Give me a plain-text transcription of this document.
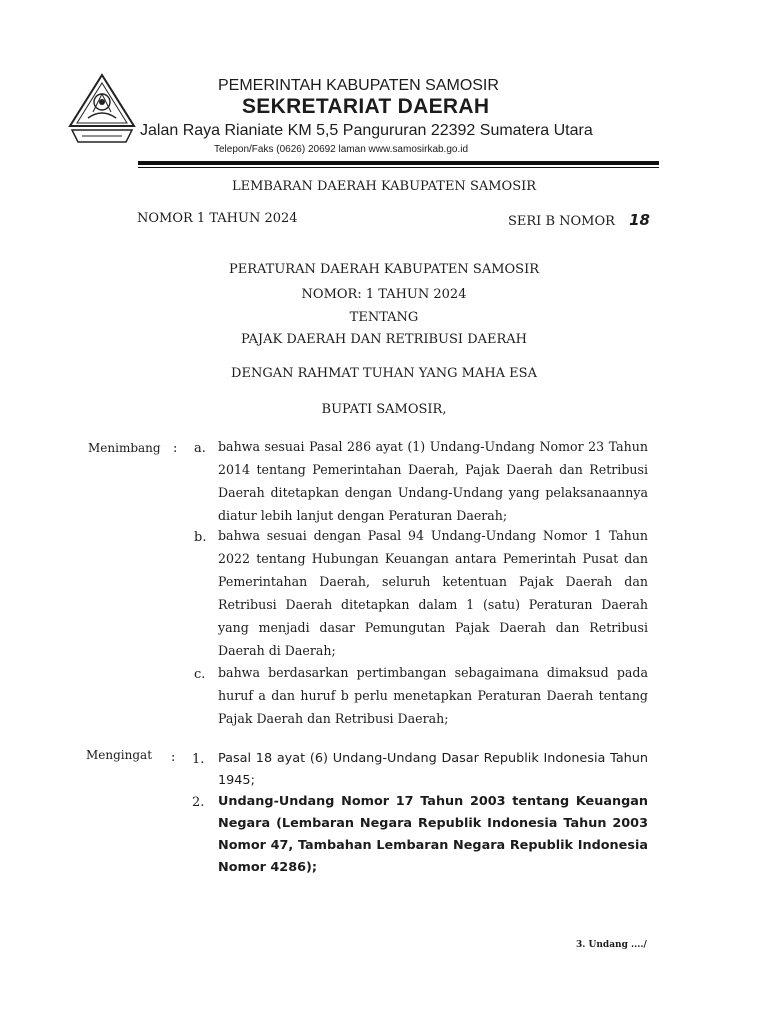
PEMERINTAH KABUPATEN SAMOSIR
SEKRETARIAT DAERAH
Jalan Raya Rianiate KM 5,5 Pangururan 22392 Sumatera Utara
Telepon/Faks (0626) 20692 laman www.samosirkab.go.id
LEMBARAN DAERAH KABUPATEN SAMOSIR
NOMOR 1 TAHUN 2024	SERI B NOMOR 18
PERATURAN DAERAH KABUPATEN SAMOSIR
NOMOR: 1 TAHUN 2024
TENTANG
PAJAK DAERAH DAN RETRIBUSI DAERAH
DENGAN RAHMAT TUHAN YANG MAHA ESA
BUPATI SAMOSIR,
Menimbang : a. bahwa sesuai Pasal 286 ayat (1) Undang-Undang Nomor 23 Tahun 2014 tentang Pemerintahan Daerah, Pajak Daerah dan Retribusi Daerah ditetapkan dengan Undang-Undang yang pelaksanaannya diatur lebih lanjut dengan Peraturan Daerah;

b. bahwa sesuai dengan Pasal 94 Undang-Undang Nomor 1 Tahun 2022 tentang Hubungan Keuangan antara Pemerintah Pusat dan Pemerintahan Daerah, seluruh ketentuan Pajak Daerah dan Retribusi Daerah ditetapkan dalam 1 (satu) Peraturan Daerah yang menjadi dasar Pemungutan Pajak Daerah dan Retribusi Daerah di Daerah;

c. bahwa berdasarkan pertimbangan sebagaimana dimaksud pada huruf a dan huruf b perlu menetapkan Peraturan Daerah tentang Pajak Daerah dan Retribusi Daerah;

Mengingat : 1. Pasal 18 ayat (6) Undang-Undang Dasar Republik Indonesia Tahun 1945;

2. Undang-Undang Nomor 17 Tahun 2003 tentang Keuangan Negara (Lembaran Negara Republik Indonesia Tahun 2003 Nomor 47, Tambahan Lembaran Negara Republik Indonesia Nomor 4286);

3. Undang ..../
